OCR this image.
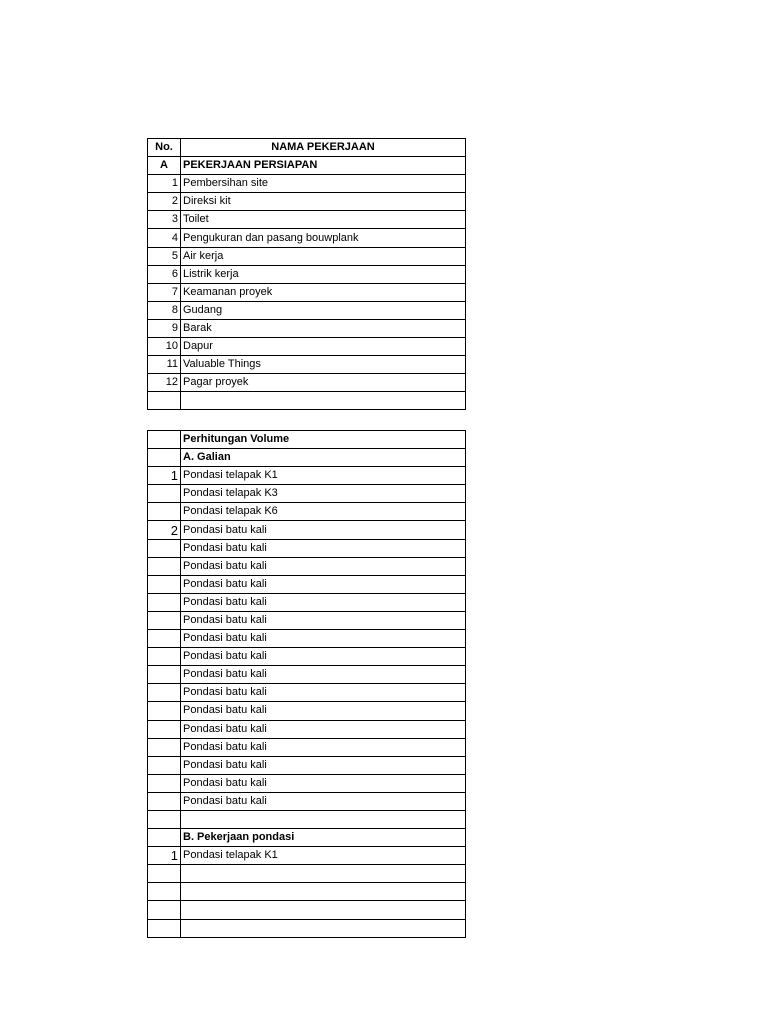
No.	NAMA PEKERJAAN
A	PEKERJAAN PERSIAPAN
1	Pembersihan site
2	Direksi kit
3	Toilet
4	Pengukuran dan pasang bouwplank
5	Air kerja
6	Listrik kerja
7	Keamanan proyek
8	Gudang
9	Barak
10	Dapur
11	Valuable Things
12	Pagar proyek

	Perhitungan Volume
	A. Galian
1	Pondasi telapak K1
	Pondasi telapak K3
	Pondasi telapak K6
2	Pondasi batu kali
	Pondasi batu kali
	Pondasi batu kali
	Pondasi batu kali
	Pondasi batu kali
	Pondasi batu kali
	Pondasi batu kali
	Pondasi batu kali
	Pondasi batu kali
	Pondasi batu kali
	Pondasi batu kali
	Pondasi batu kali
	Pondasi batu kali
	Pondasi batu kali
	Pondasi batu kali
	Pondasi batu kali

	B. Pekerjaan pondasi
1	Pondasi telapak K1
